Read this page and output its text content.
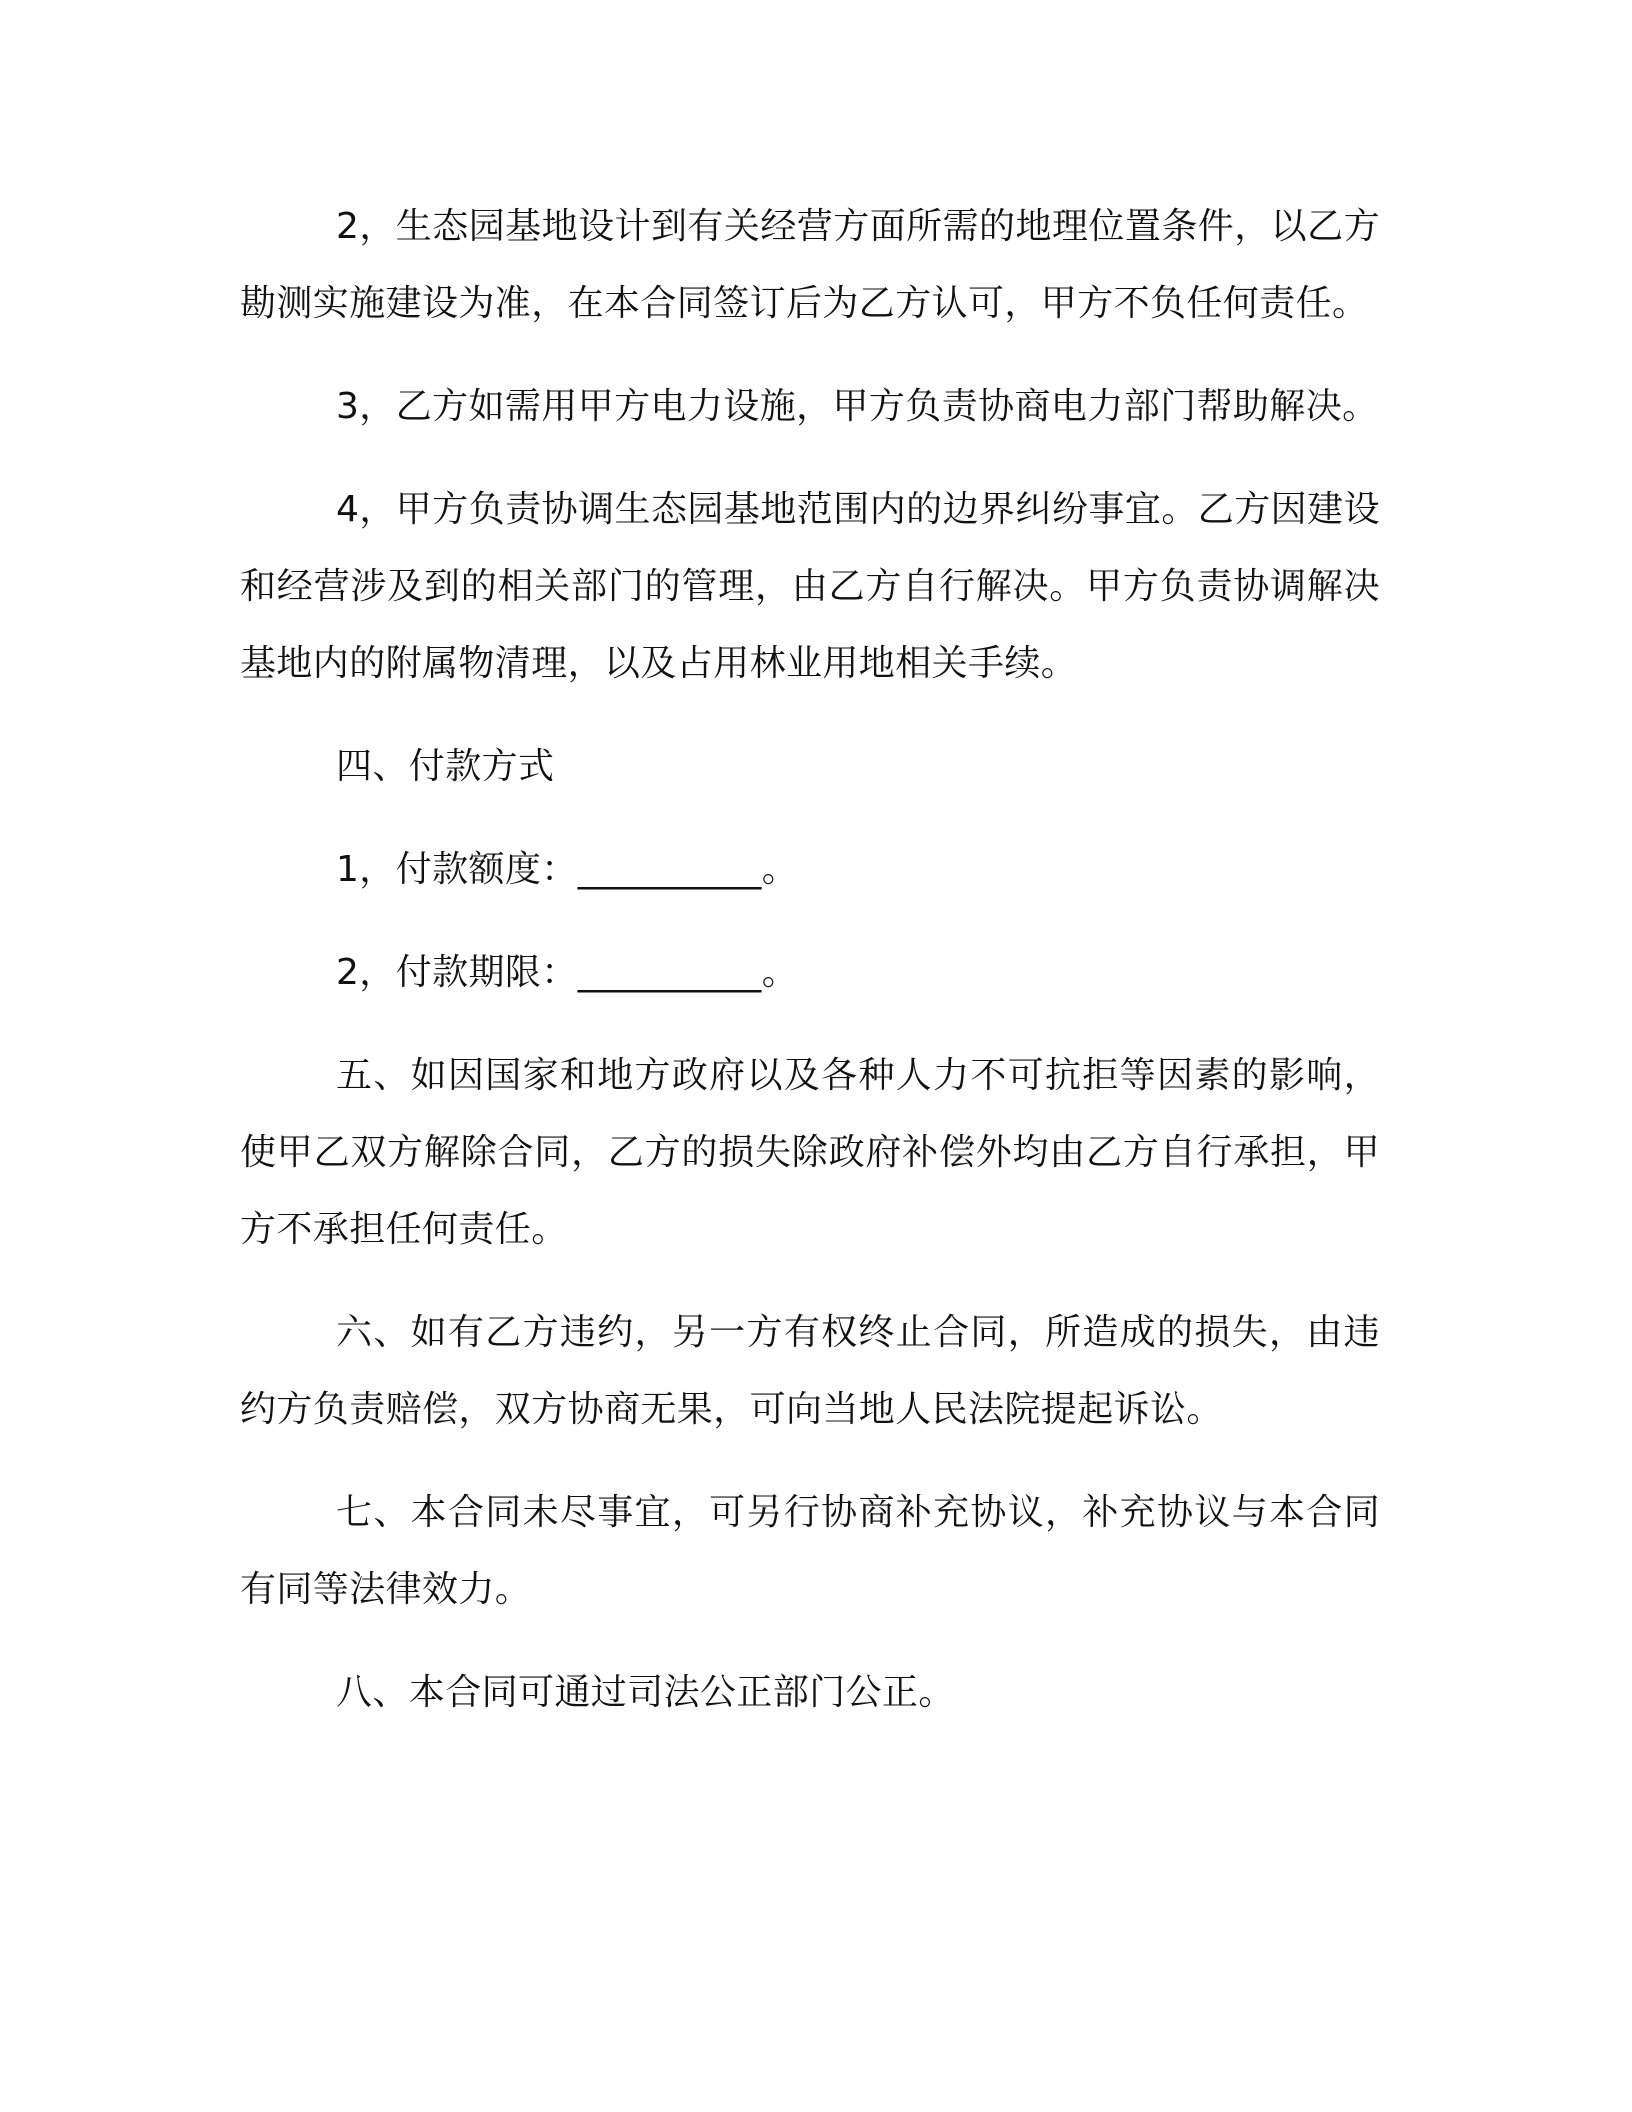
2，生态园基地设计到有关经营方面所需的地理位置条件，以乙方勘测实施建设为准，在本合同签订后为乙方认可，甲方不负任何责任。

3，乙方如需用甲方电力设施，甲方负责协商电力部门帮助解决。

4，甲方负责协调生态园基地范围内的边界纠纷事宜。乙方因建设和经营涉及到的相关部门的管理，由乙方自行解决。甲方负责协调解决基地内的附属物清理，以及占用林业用地相关手续。

四、付款方式

1，付款额度：__________。

2，付款期限：__________。

五、如因国家和地方政府以及各种人力不可抗拒等因素的影响，使甲乙双方解除合同，乙方的损失除政府补偿外均由乙方自行承担，甲方不承担任何责任。

六、如有乙方违约，另一方有权终止合同，所造成的损失，由违约方负责赔偿，双方协商无果，可向当地人民法院提起诉讼。

七、本合同未尽事宜，可另行协商补充协议，补充协议与本合同有同等法律效力。

八、本合同可通过司法公正部门公正。
